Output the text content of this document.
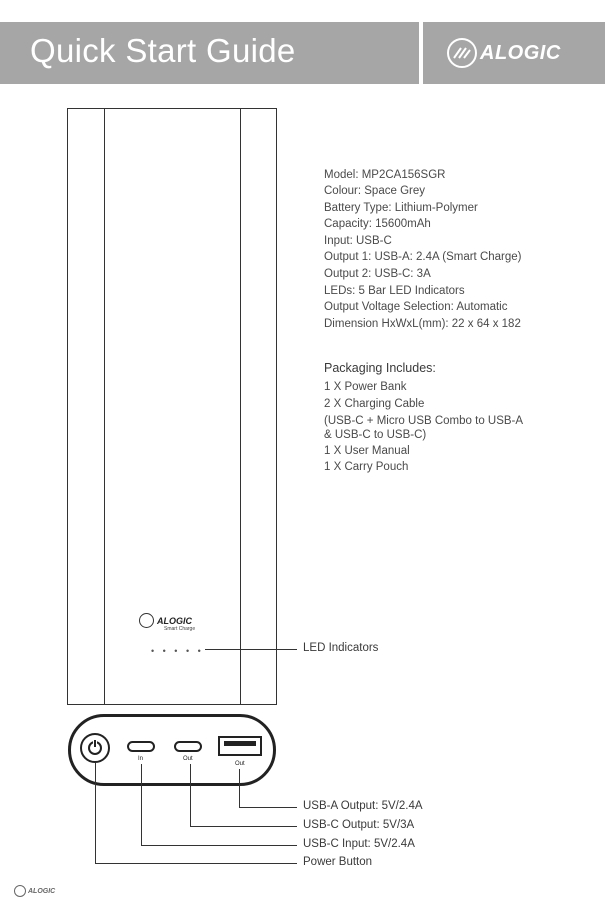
Quick Start Guide	ALOGIC
Model: MP2CA156SGR
Colour: Space Grey
Battery Type: Lithium-Polymer
Capacity: 15600mAh
Input: USB-C
Output 1: USB-A: 2.4A (Smart Charge)
Output 2: USB-C: 3A
LEDs: 5 Bar LED Indicators
Output Voltage Selection: Automatic
Dimension HxWxL(mm): 22 x 64 x 182
Packaging Includes:
1 X Power Bank
2 X Charging Cable
(USB-C + Micro USB Combo to USB-A
& USB-C to USB-C)
1 X User Manual
1 X Carry Pouch
ALOGIC
Smart Charge
• • • • •	LED Indicators
In	Out
Out
USB-A Output: 5V/2.4A
USB-C Output: 5V/3A
USB-C Input: 5V/2.4A
Power Button
ALOGIC
